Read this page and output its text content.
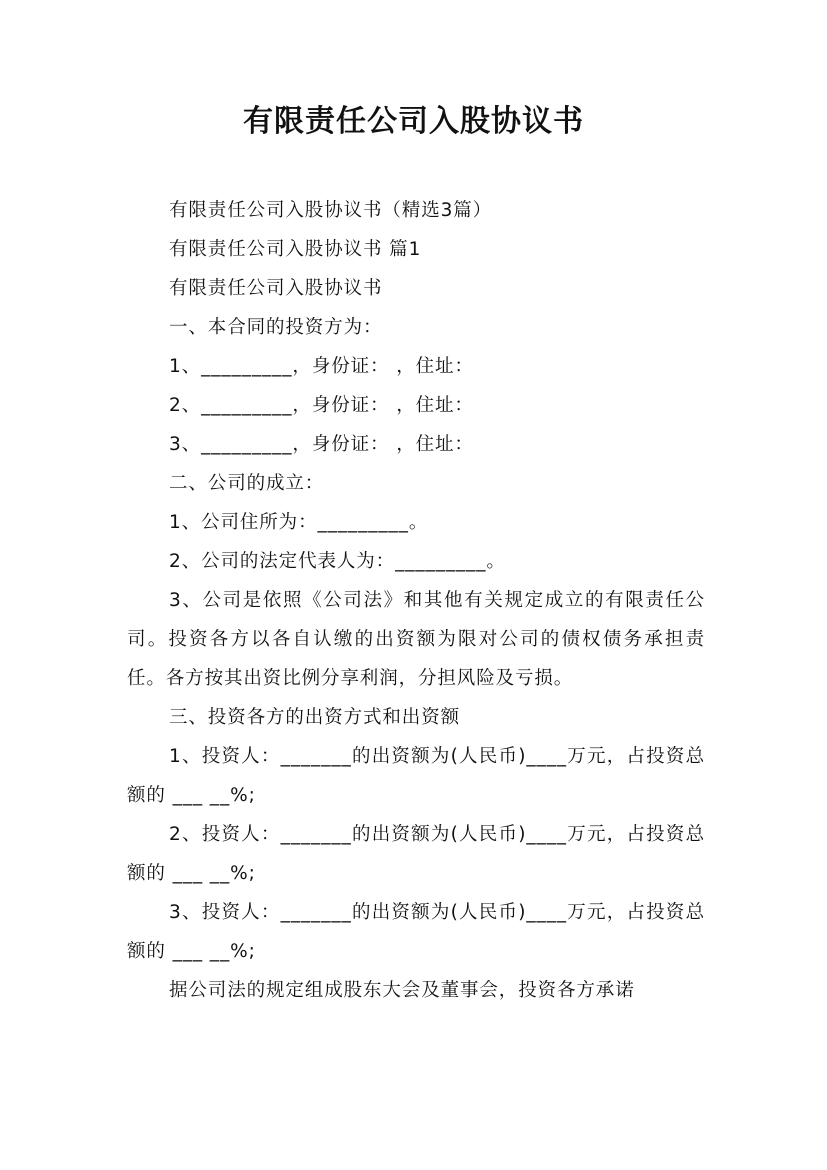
有限责任公司入股协议书

有限责任公司入股协议书（精选3篇）

有限责任公司入股协议书 篇1

有限责任公司入股协议书

一、本合同的投资方为：

1、_________，身份证： ，住址：

2、_________，身份证： ，住址：

3、_________，身份证： ，住址：

二、公司的成立：

1、公司住所为：_________。

2、公司的法定代表人为：_________。

3、公司是依照《公司法》和其他有关规定成立的有限责任公司。投资各方以各自认缴的出资额为限对公司的债权债务承担责任。各方按其出资比例分享利润，分担风险及亏损。

三、投资各方的出资方式和出资额

1、投资人：_______的出资额为(人民币)____万元，占投资总额的 ___ __%;

2、投资人：_______的出资额为(人民币)____万元，占投资总额的 ___ __%;

3、投资人：_______的出资额为(人民币)____万元，占投资总额的 ___ __%;

据公司法的规定组成股东大会及董事会，投资各方承诺
